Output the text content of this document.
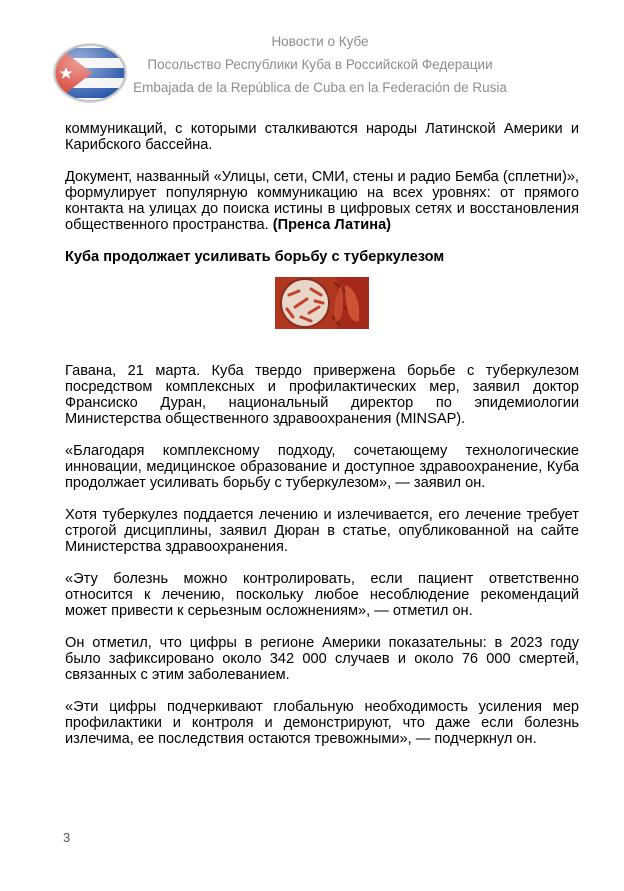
Новости о Кубе
Посольство Республики Куба в Российской Федерации
Embajada de la República de Cuba en la Federación de Rusia

коммуникаций, с которыми сталкиваются народы Латинской Америки и Карибского бассейна.

Документ, названный «Улицы, сети, СМИ, стены и радио Бемба (сплетни)», формулирует популярную коммуникацию на всех уровнях: от прямого контакта на улицах до поиска истины в цифровых сетях и восстановления общественного пространства. (Пренса Латина)

Куба продолжает усиливать борьбу с туберкулезом

Гавана, 21 марта. Куба твердо привержена борьбе с туберкулезом посредством комплексных и профилактических мер, заявил доктор Франсиско Дуран, национальный директор по эпидемиологии Министерства общественного здравоохранения (MINSAP).

«Благодаря комплексному подходу, сочетающему технологические инновации, медицинское образование и доступное здравоохранение, Куба продолжает усиливать борьбу с туберкулезом», — заявил он.

Хотя туберкулез поддается лечению и излечивается, его лечение требует строгой дисциплины, заявил Дюран в статье, опубликованной на сайте Министерства здравоохранения.

«Эту болезнь можно контролировать, если пациент ответственно относится к лечению, поскольку любое несоблюдение рекомендаций может привести к серьезным осложнениям», — отметил он.

Он отметил, что цифры в регионе Америки показательны: в 2023 году было зафиксировано около 342 000 случаев и около 76 000 смертей, связанных с этим заболеванием.

«Эти цифры подчеркивают глобальную необходимость усиления мер профилактики и контроля и демонстрируют, что даже если болезнь излечима, ее последствия остаются тревожными», — подчеркнул он.

3
